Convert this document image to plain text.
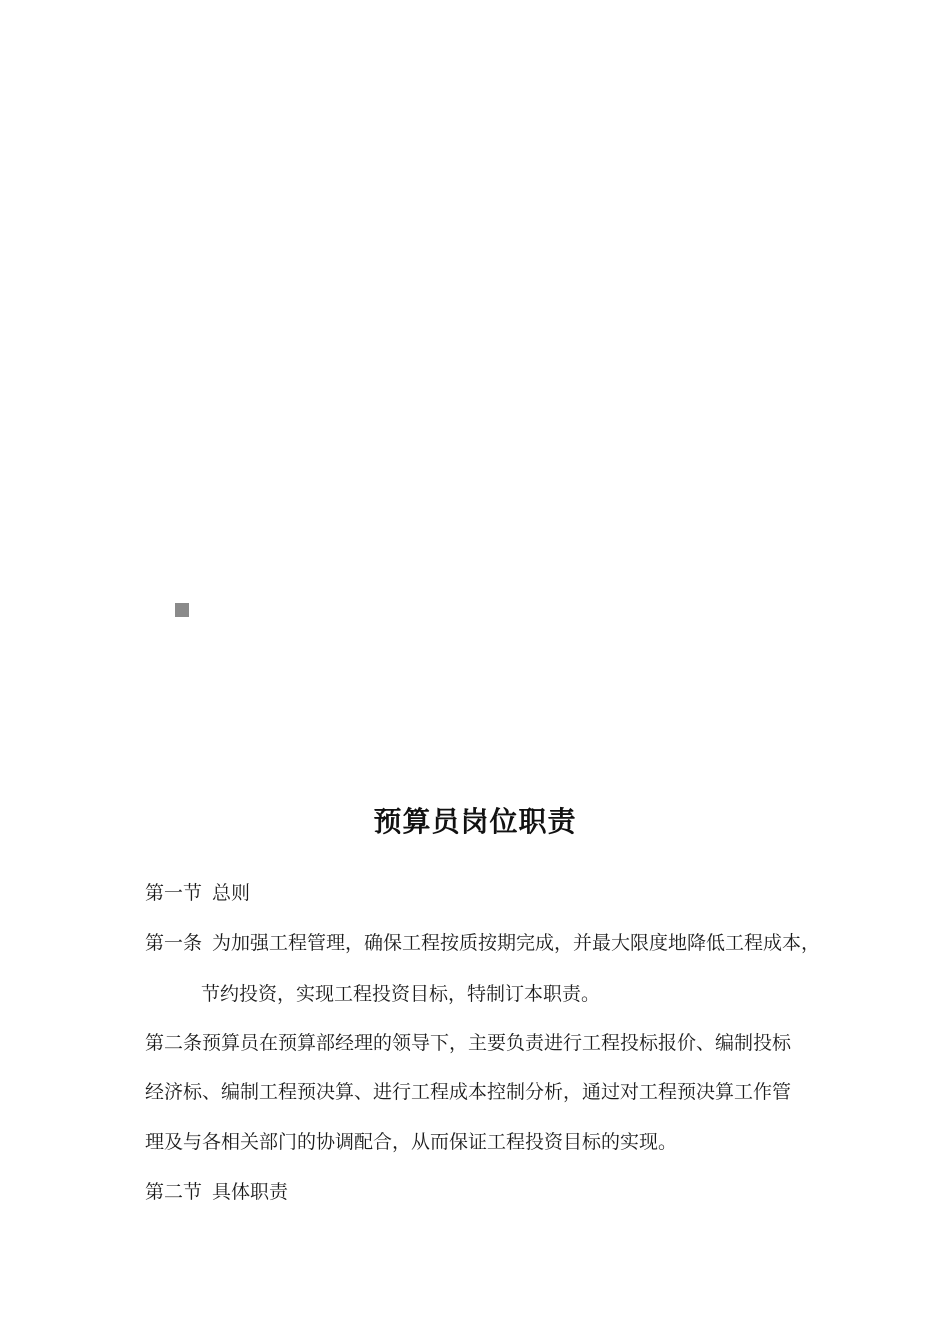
预算员岗位职责
第一节 总则
第一条 为加强工程管理，确保工程按质按期完成，并最大限度地降低工程成本，
节约投资，实现工程投资目标，特制订本职责。
第二条预算员在预算部经理的领导下，主要负责进行工程投标报价、编制投标
经济标、编制工程预决算、进行工程成本控制分析，通过对工程预决算工作管
理及与各相关部门的协调配合，从而保证工程投资目标的实现。
第二节 具体职责
